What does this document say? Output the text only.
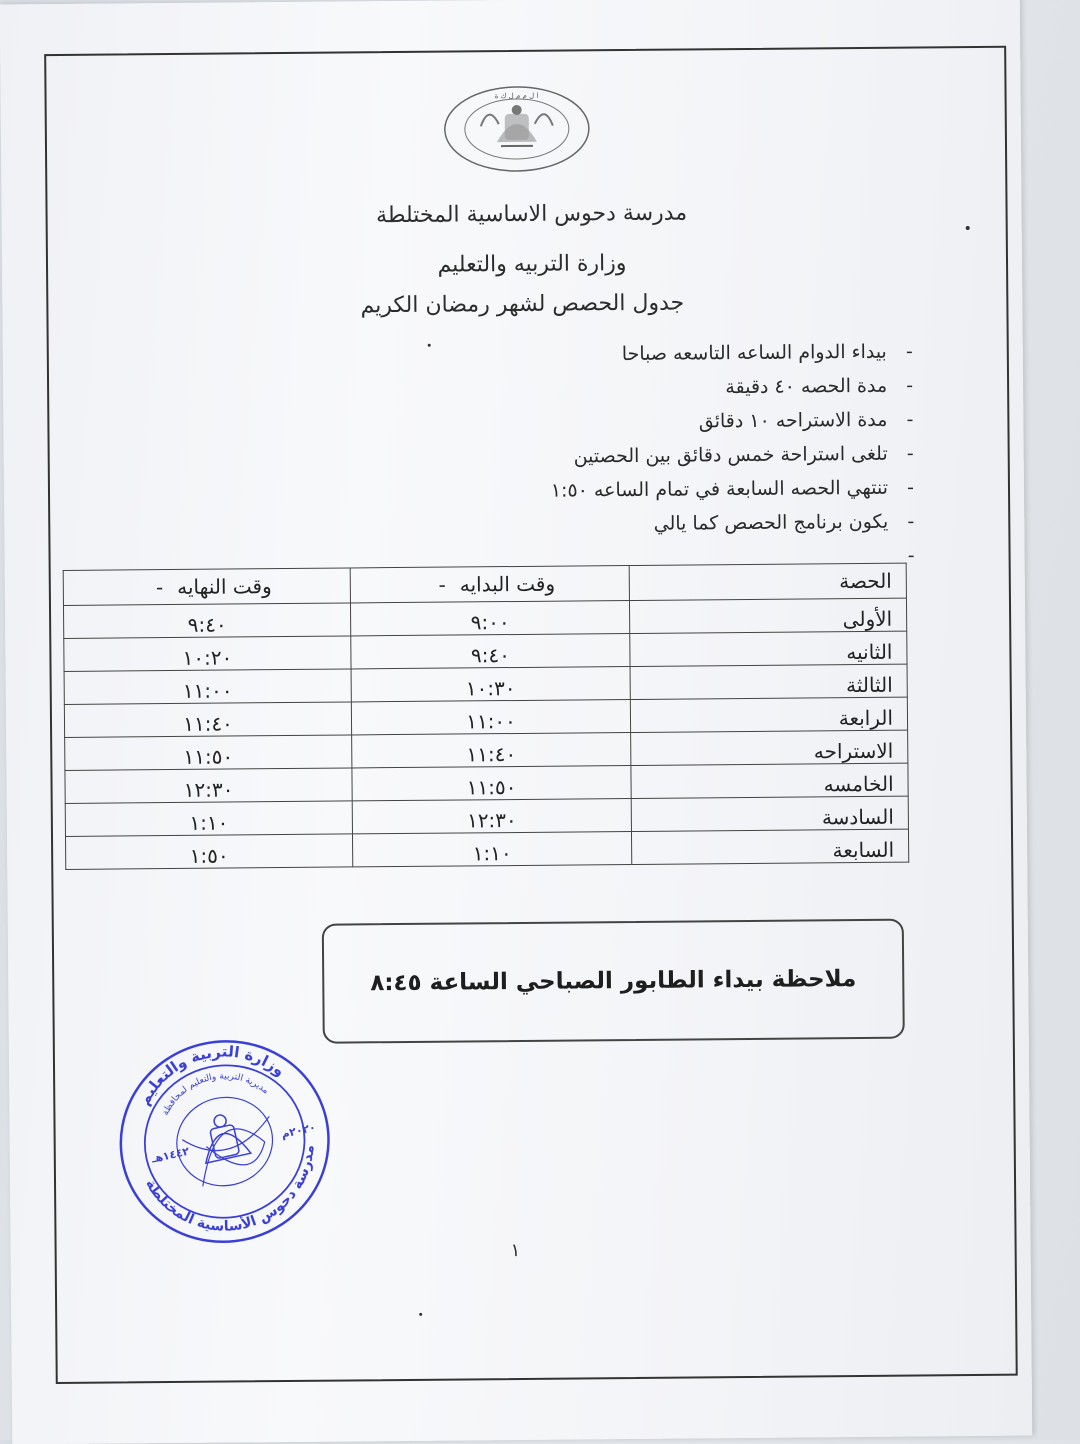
ا ل م م ل ك ة
مدرسة دحوس الاساسية المختلطة
وزارة التربيه والتعليم
جدول الحصص لشهر رمضان الكريم
-بيداء الدوام الساعه التاسعه صباحا
-مدة الحصه ٤٠ دقيقة
-مدة الاستراحه ١٠ دقائق
-تلغى استراحة خمس دقائق بين الحصتين
-تنتهي الحصه السابعة في تمام الساعه ١:٥٠
-يكون برنامج الحصص كما يالي
-
الحصة	وقت البدايه-	وقت النهايه-
الأولى	٩:٠٠	٩:٤٠
الثانيه	٩:٤٠	١٠:٢٠
الثالثة	١٠:٣٠	١١:٠٠
الرابعة	١١:٠٠	١١:٤٠
الاستراحه	١١:٤٠	١١:٥٠
الخامسه	١١:٥٠	١٢:٣٠
السادسة	١٢:٣٠	١:١٠
السابعة	١:١٠	١:٥٠
ملاحظة بيداء الطابور الصباحي الساعة ٨:٤٥
وزارة التربية والتعليم
مديرية التربية والتعليم لمحافظة
مدرسة دحوس الأساسية المختلطة
١٤٤٢هـ
٢٠٢٠م
١
